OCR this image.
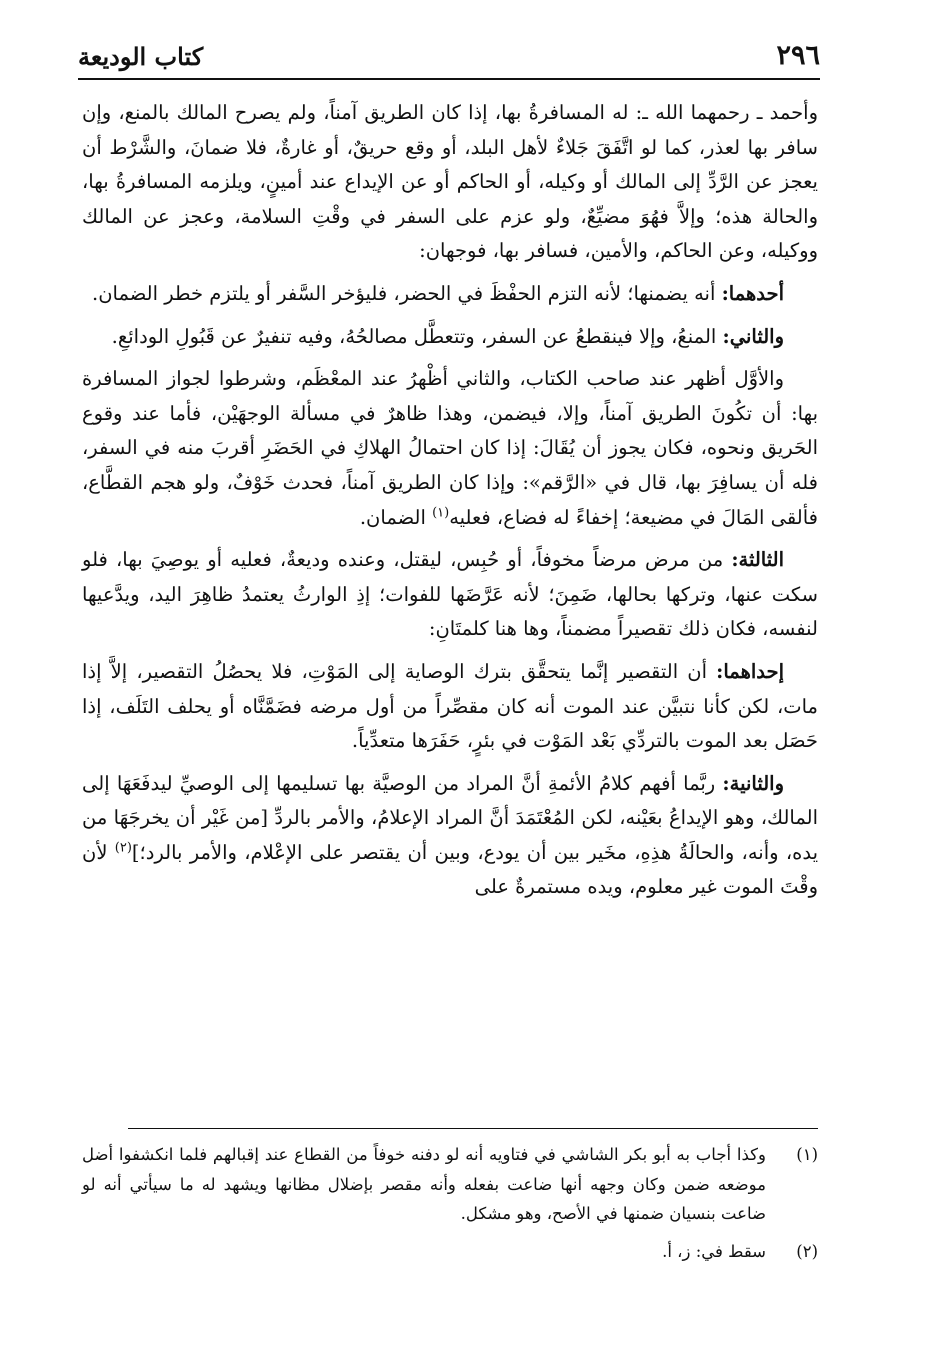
٢٩٦
كتاب الوديعة

وأحمد ـ رحمهما الله ـ: له المسافرةُ بها، إذا كان الطريق آمناً، ولم يصرح المالك بالمنع، وإن سافر بها لعذر، كما لو اتَّفَقَ جَلاءٌ لأهل البلد، أو وقع حريقٌ، أو غارةٌ، فلا ضمانَ، والشَّرْط أن يعجز عن الرَّدِّ إلى المالك أو وكيله، أو الحاكم أو عن الإيداع عند أمينٍ، ويلزمه المسافرةُ بها، والحالة هذه؛ وإلاَّ فهُوَ مضيِّعٌ، ولو عزم على السفر في وقْتِ السلامة، وعجز عن المالك ووكيله، وعن الحاكم، والأمين، فسافر بها، فوجهان:

أحدهما: أنه يضمنها؛ لأنه التزم الحفْظَ في الحضر، فليؤخر السَّفر أو يلتزم خطر الضمان.

والثاني: المنعُ، وإلا فينقطعُ عن السفر، وتتعطَّل مصالحُهُ، وفيه تنفيرٌ عن قَبُولِ الودائعِ.

والأوَّل أظهر عند صاحب الكتاب، والثاني أظْهرُ عند المعْظَم، وشرطوا لجواز المسافرة بها: أن تكُونَ الطريق آمناً، وإلا، فيضمن، وهذا ظاهرٌ في مسألة الوجهَيْن، فأما عند وقوع الحَريق ونحوه، فكان يجوز أن يُقَالَ: إذا كان احتمالُ الهلاكِ في الحَضَرِ أقربَ منه في السفر، فله أن يسافِرَ بها، قال في «الرَّقم»: وإذا كان الطريق آمناً، فحدث خَوْفٌ، ولو هجم القطَّاع، فألقى المَالَ في مضيعة؛ إخفاءً له فضاع، فعليه$^{(١)}$ الضمان.

الثالثة: من مرض مرضاً مخوفاً، أو حُبِس، ليقتل، وعنده وديعةٌ، فعليه أو يوصِيَ بها، فلو سكت عنها، وتركها بحالها، ضَمِنَ؛ لأنه عَرَّضَها للفوات؛ إذِ الوارثُ يعتمدُ ظاهِرَ اليد، ويدَّعيها لنفسه، فكان ذلك تقصيراً مضمناً، وها هنا كلمتَانِ:

إحداهما: أن التقصير إنَّما يتحقَّق بترك الوصاية إلى المَوْتِ، فلا يحصُلُ التقصير، إلاَّ إذا مات، لكن كأنا نتبيَّن عند الموت أنه كان مقصِّراً من أول مرضه فضَمَّنَّاه أو يحلف التَلَف، إذا حَصَل بعد الموت بالتردِّي بَعْد المَوْت في بئرٍ، حَفَرَها متعدِّياً.

والثانية: ربَّما أفهم كلامُ الأئمةِ أنَّ المراد من الوصيَّة بها تسليمها إلى الوصيِّ ليدفَعَهَا إلى المالك، وهو الإيداعُ بعَيْنه، لكن المُعْتَمَدَ أنَّ المراد الإعلامُ، والأمر بالردِّ [من غَيْر أن يخرجَهَا من يده، وأنه، والحالَةُ هذِهِ، مخَير بين أن يودع، وبين أن يقتصر على الإعْلام، والأمر بالرد؛]$^{(٢)}$ لأن وقْتَ الموت غير معلوم، ويده مستمرةٌ على

(١)
وكذا أجاب به أبو بكر الشاشي في فتاويه أنه لو دفنه خوفاً من القطاع عند إقبالهم فلما انكشفوا أضل موضعه ضمن وكان وجهه أنها ضاعت بفعله وأنه مقصر بإضلال مظانها ويشهد له ما سيأتي أنه لو ضاعت بنسيان ضمنها في الأصح، وهو مشكل.
(٢)
سقط في: ز، أ.
